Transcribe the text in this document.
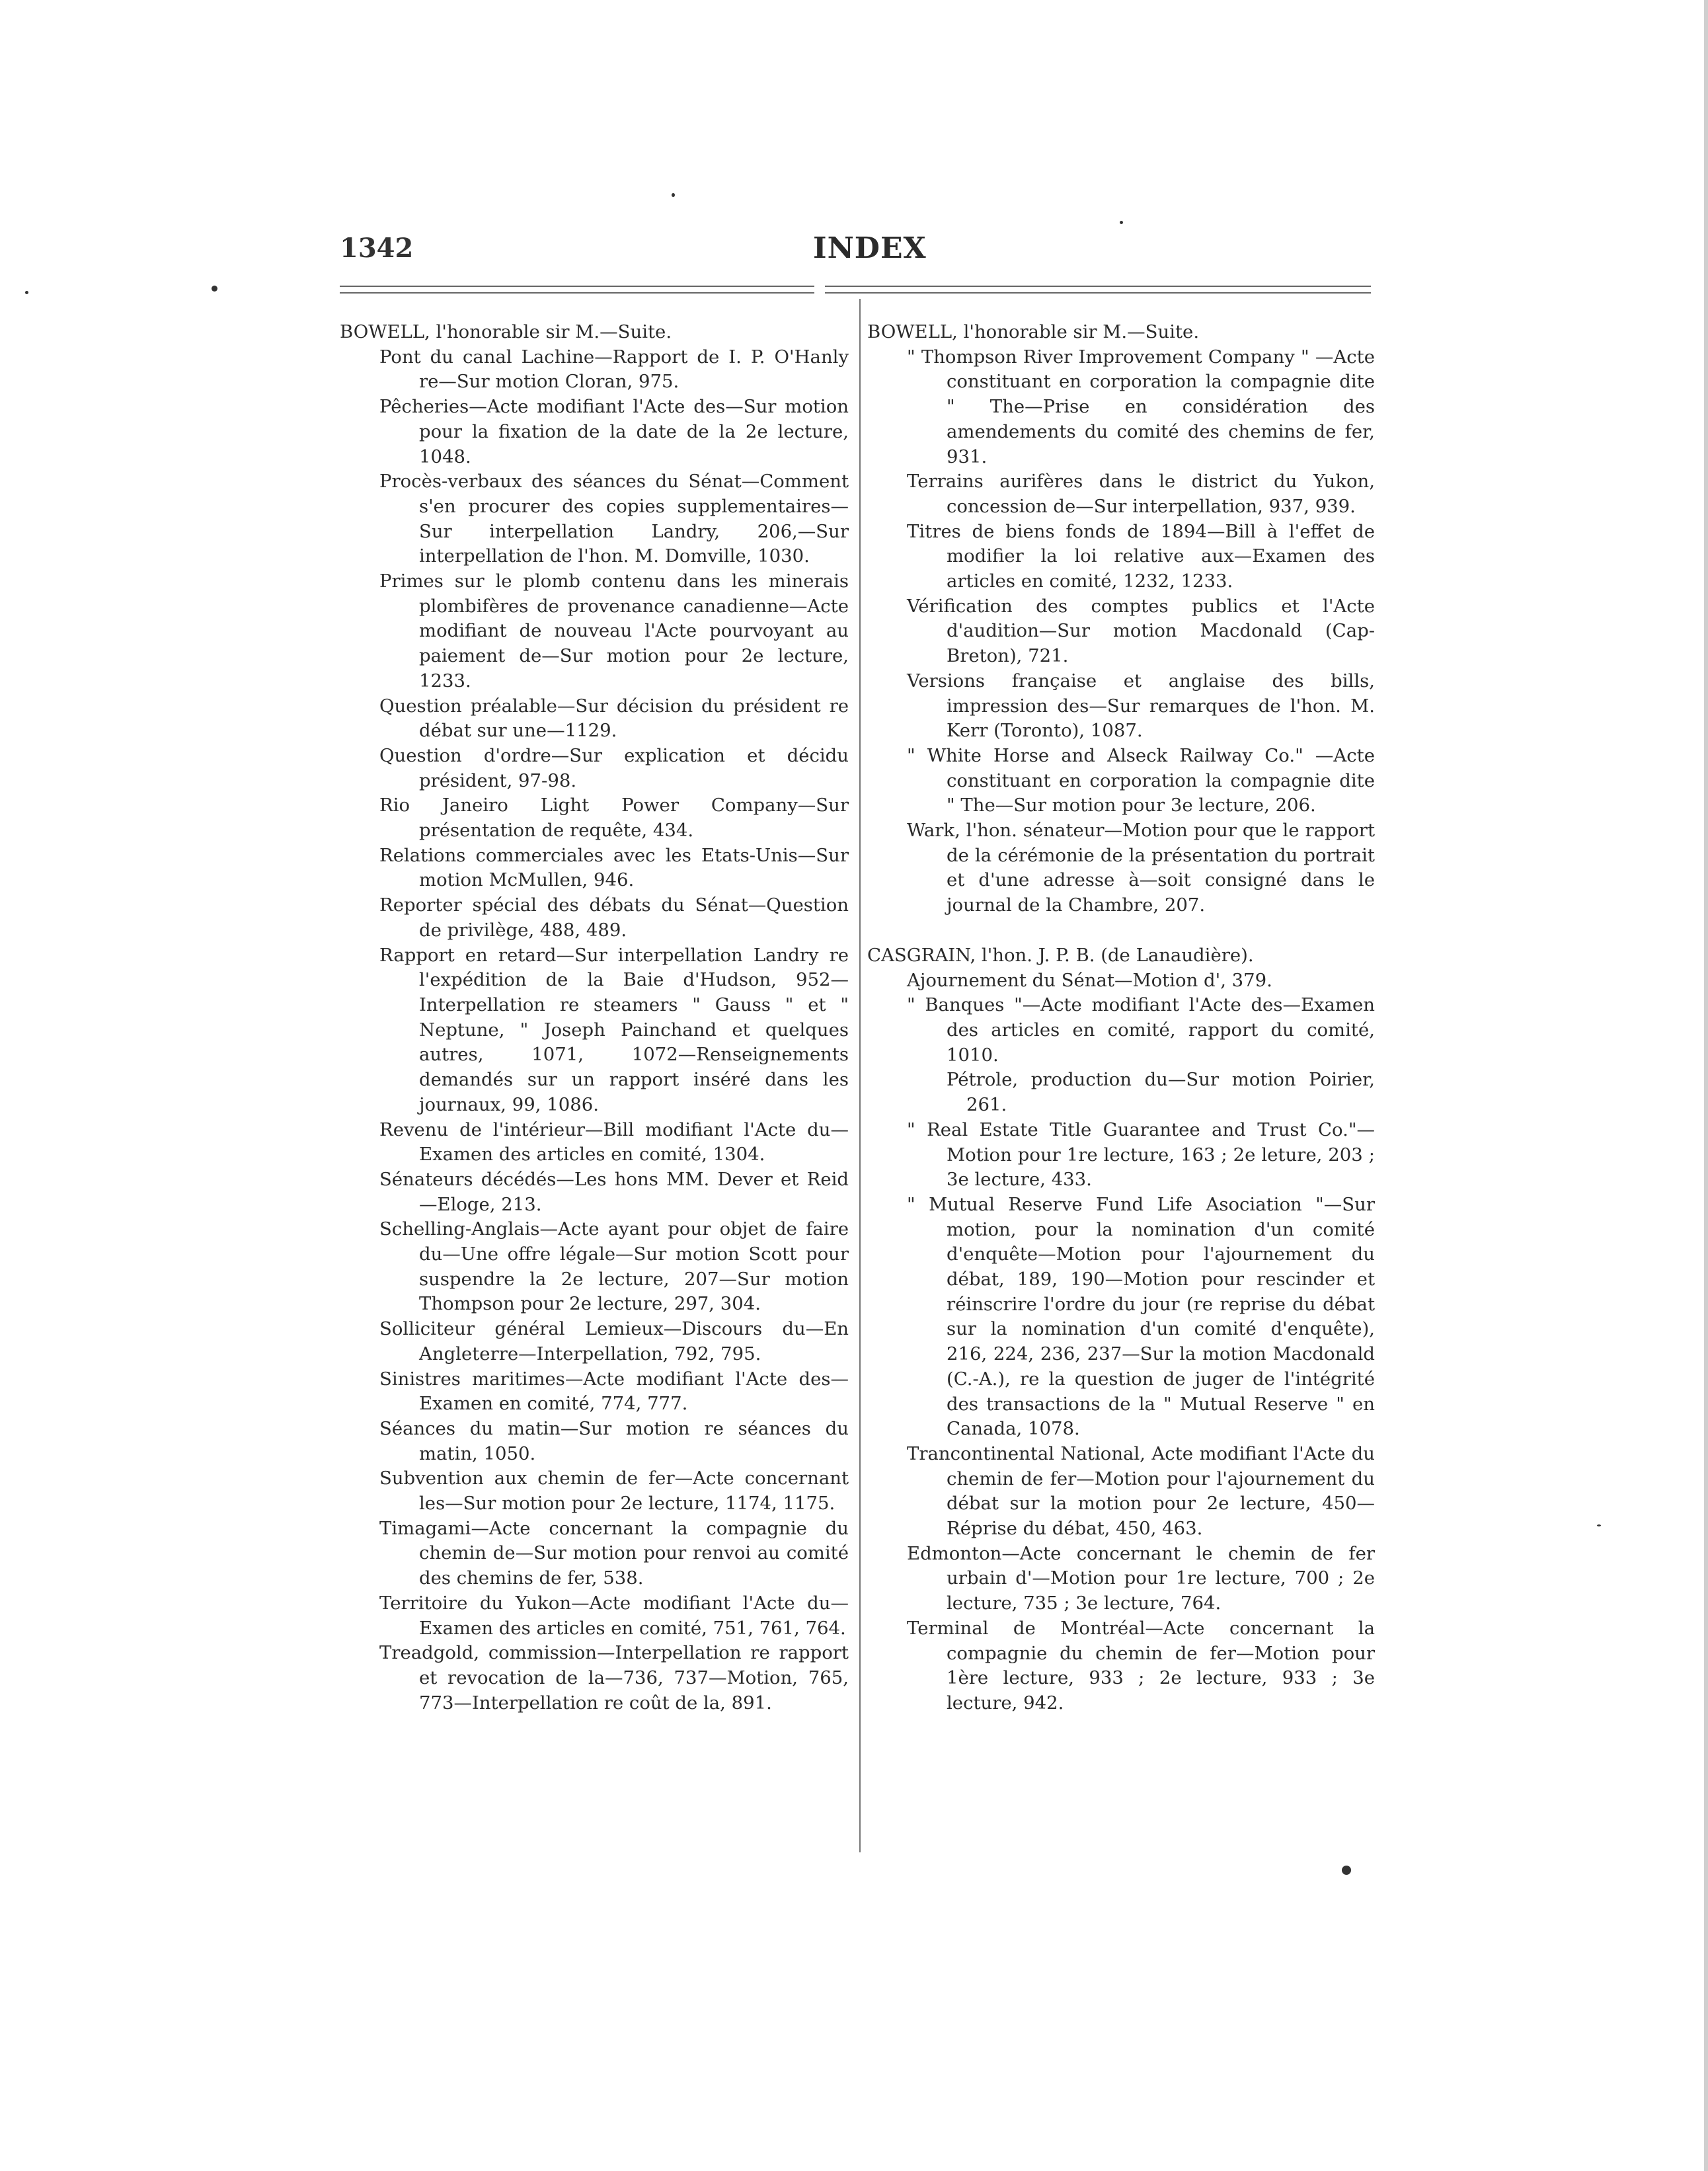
1342	INDEX

BOWELL, l'honorable sir M.—Suite.

Pont du canal Lachine—Rapport de I. P. O'Hanly re—Sur motion Cloran, 975.

Pêcheries—Acte modifiant l'Acte des—Sur motion pour la fixation de la date de la 2e lecture, 1048.

Procès-verbaux des séances du Sénat—Comment s'en procurer des copies supplementaires—Sur interpellation Landry, 206,—Sur interpellation de l'hon. M. Domville, 1030.

Primes sur le plomb contenu dans les minerais plombifères de provenance canadienne—Acte modifiant de nouveau l'Acte pourvoyant au paiement de—Sur motion pour 2e lecture, 1233.

Question préalable—Sur décision du président re débat sur une—1129.

Question d'ordre—Sur explication et décidu président, 97-98.

Rio Janeiro Light Power Company—Sur présentation de requête, 434.

Relations commerciales avec les Etats-Unis—Sur motion McMullen, 946.

Reporter spécial des débats du Sénat—Question de privilège, 488, 489.

Rapport en retard—Sur interpellation Landry re l'expédition de la Baie d'Hudson, 952—Interpellation re steamers " Gauss " et " Neptune, " Joseph Painchand et quelques autres, 1071, 1072—Renseignements demandés sur un rapport inséré dans les journaux, 99, 1086.

Revenu de l'intérieur—Bill modifiant l'Acte du—Examen des articles en comité, 1304.

Sénateurs décédés—Les hons MM. Dever et Reid—Eloge, 213.

Schelling-Anglais—Acte ayant pour objet de faire du—Une offre légale—Sur motion Scott pour suspendre la 2e lecture, 207—Sur motion Thompson pour 2e lecture, 297, 304.

Solliciteur général Lemieux—Discours du—En Angleterre—Interpellation, 792, 795.

Sinistres maritimes—Acte modifiant l'Acte des—Examen en comité, 774, 777.

Séances du matin—Sur motion re séances du matin, 1050.

Subvention aux chemin de fer—Acte concernant les—Sur motion pour 2e lecture, 1174, 1175.

Timagami—Acte concernant la compagnie du chemin de—Sur motion pour renvoi au comité des chemins de fer, 538.

Territoire du Yukon—Acte modifiant l'Acte du—Examen des articles en comité, 751, 761, 764.

Treadgold, commission—Interpellation re rapport et revocation de la—736, 737—Motion, 765, 773—Interpellation re coût de la, 891.

BOWELL, l'honorable sir M.—Suite.

" Thompson River Improvement Company " —Acte constituant en corporation la compagnie dite " The—Prise en considération des amendements du comité des chemins de fer, 931.

Terrains aurifères dans le district du Yukon, concession de—Sur interpellation, 937, 939.

Titres de biens fonds de 1894—Bill à l'effet de modifier la loi relative aux—Examen des articles en comité, 1232, 1233.

Vérification des comptes publics et l'Acte d'audition—Sur motion Macdonald (Cap-Breton), 721.

Versions française et anglaise des bills, impression des—Sur remarques de l'hon. M. Kerr (Toronto), 1087.

" White Horse and Alseck Railway Co." —Acte constituant en corporation la compagnie dite " The—Sur motion pour 3e lecture, 206.

Wark, l'hon. sénateur—Motion pour que le rapport de la cérémonie de la présentation du portrait et d'une adresse à—soit consigné dans le journal de la Chambre, 207.

CASGRAIN, l'hon. J. P. B. (de Lanaudière).

Ajournement du Sénat—Motion d', 379.

" Banques "—Acte modifiant l'Acte des—Examen des articles en comité, rapport du comité, 1010.

Pétrole, production du—Sur motion Poirier, 261.

" Real Estate Title Guarantee and Trust Co."—Motion pour 1re lecture, 163 ; 2e leture, 203 ; 3e lecture, 433.

" Mutual Reserve Fund Life Asociation "—Sur motion, pour la nomination d'un comité d'enquête—Motion pour l'ajournement du débat, 189, 190—Motion pour rescinder et réinscrire l'ordre du jour (re reprise du débat sur la nomination d'un comité d'enquête), 216, 224, 236, 237—Sur la motion Macdonald (C.-A.), re la question de juger de l'intégrité des transactions de la " Mutual Reserve " en Canada, 1078.

Trancontinental National, Acte modifiant l'Acte du chemin de fer—Motion pour l'ajournement du débat sur la motion pour 2e lecture, 450—Réprise du débat, 450, 463.

Edmonton—Acte concernant le chemin de fer urbain d'—Motion pour 1re lecture, 700 ; 2e lecture, 735 ; 3e lecture, 764.

Terminal de Montréal—Acte concernant la compagnie du chemin de fer—Motion pour 1ère lecture, 933 ; 2e lecture, 933 ; 3e lecture, 942.
